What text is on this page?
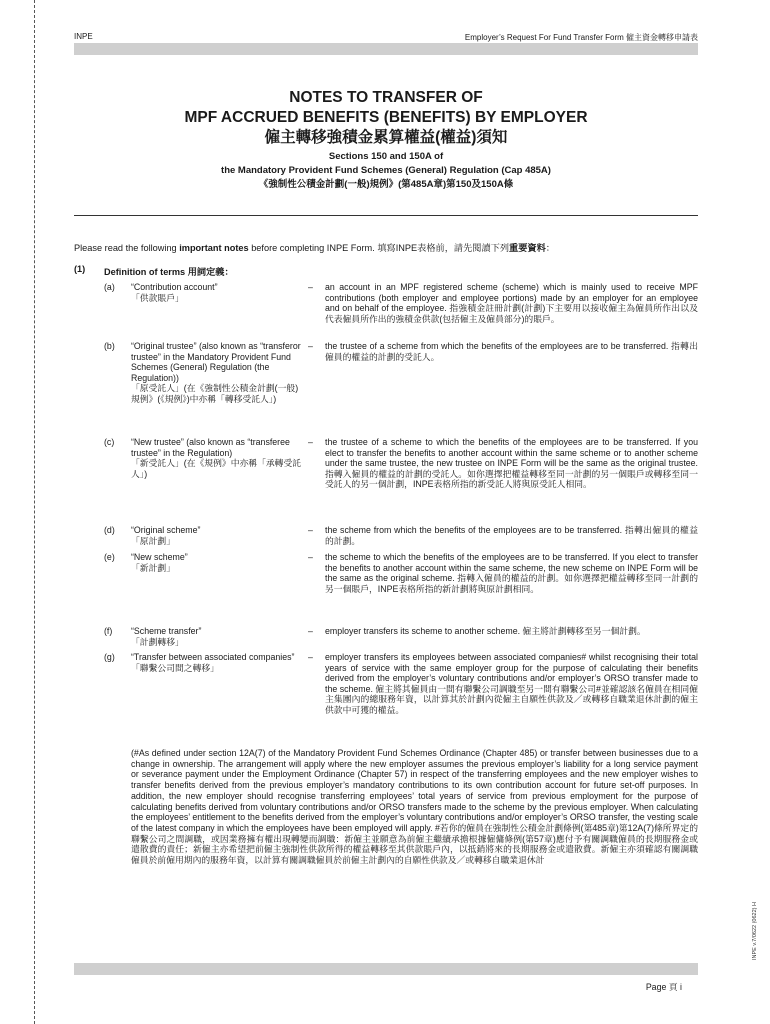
INPE	Employer’s Request For Fund Transfer Form 僱主資金轉移申請表
NOTES TO TRANSFER OF
MPF ACCRUED BENEFITS (BENEFITS) BY EMPLOYER
僱主轉移強積金累算權益(權益)須知
Sections 150 and 150A of
the Mandatory Provident Fund Schemes (General) Regulation (Cap 485A)
《強制性公積金計劃(一般)規例》(第485A章)第150及150A條
Please read the following important notes before completing INPE Form. 填寫INPE表格前，請先閱讀下列重要資料：
(1) Definition of terms 用詞定義：
(a) “Contribution account”
「供款賬戶」
– an account in an MPF registered scheme (scheme) which is mainly used to receive MPF contributions (both employer and employee portions) made by an employer for an employee and on behalf of the employee. 指強積金註冊計劃(計劃)下主要用以接收僱主為僱員所作出以及代表僱員所作出的強積金供款(包括僱主及僱員部分)的賬戶。
(b) “Original trustee” (also known as “transferor trustee” in the Mandatory Provident Fund Schemes (General) Regulation (the Regulation))
「原受託人」(在《強制性公積金計劃(一般)規例》(《規例》)中亦稱「轉移受託人」)
– the trustee of a scheme from which the benefits of the employees are to be transferred. 指轉出僱員的權益的計劃的受託人。
(c) “New trustee” (also known as “transferee trustee” in the Regulation)
「新受託人」(在《規例》中亦稱「承轉受託人」)
– the trustee of a scheme to which the benefits of the employees are to be transferred. If you elect to transfer the benefits to another account within the same scheme or to another scheme under the same trustee, the new trustee on INPE Form will be the same as the original trustee. 指轉入僱員的權益的計劃的受託人。如你選擇把權益轉移至同一計劃的另一個賬戶或轉移至同一受託人的另一個計劃，INPE表格所指的新受託人將與原受託人相同。
(d) “Original scheme”
「原計劃」
– the scheme from which the benefits of the employees are to be transferred. 指轉出僱員的權益的計劃。
(e) “New scheme”
「新計劃」
– the scheme to which the benefits of the employees are to be transferred. If you elect to transfer the benefits to another account within the same scheme, the new scheme on INPE Form will be the same as the original scheme. 指轉入僱員的權益的計劃。如你選擇把權益轉移至同一計劃的另一個賬戶，INPE表格所指的新計劃將與原計劃相同。
(f) “Scheme transfer”
「計劃轉移」
– employer transfers its scheme to another scheme. 僱主將計劃轉移至另一個計劃。
(g) “Transfer between associated companies”
「聯繫公司間之轉移」
– employer transfers its employees between associated companies# whilst recognising their total years of service with the same employer group for the purpose of calculating their benefits derived from the employer’s voluntary contributions and/or employer’s ORSO transfer made to the scheme. 僱主將其僱員由一間有聯繫公司調職至另一間有聯繫公司#並確認該名僱員在相同僱主集團內的總服務年資，以計算其於計劃內從僱主自願性供款及／或轉移自職業退休計劃的僱主供款中可獲的權益。
(#As defined under section 12A(7) of the Mandatory Provident Fund Schemes Ordinance (Chapter 485) or transfer between businesses due to a change in ownership. The arrangement will apply where the new employer assumes the previous employer’s liability for a long service payment or severance payment under the Employment Ordinance (Chapter 57) in respect of the transferring employees and the new employer wishes to transfer benefits derived from the previous employer’s mandatory contributions to its own contribution account for future set-off purposes. In addition, the new employer should recognise transferring employees’ total years of service from previous employment for the purpose of calculating benefits derived from voluntary contributions and/or ORSO transfers made to the scheme by the previous employer. When calculating the employees’ entitlement to the benefits derived from the employer’s voluntary contributions and/or employer’s ORSO transfer, the vesting scale of the latest company in which the employees have been employed will apply. #若你的僱員在強制性公積金計劃條例(第485章)第12A(7)條所界定的聯繫公司之間調職，或因業務擁有權出現轉變而調職：新僱主並願意為前僱主繼續承擔根據僱傭條例(第57章)應付予有關調職僱員的長期服務金或遣散費的責任；新僱主亦希望把前僱主強制性供款所得的權益轉移至其供款賬戶內，以抵銷將來的長期服務金或遣散費。新僱主亦須確認有關調職僱員於前僱用期內的服務年資，以計算有關調職僱員於前僱主計劃內的自願性供款及／或轉移自職業退休計
Page 頁 i
INPE v.7/0622 (0622) H
